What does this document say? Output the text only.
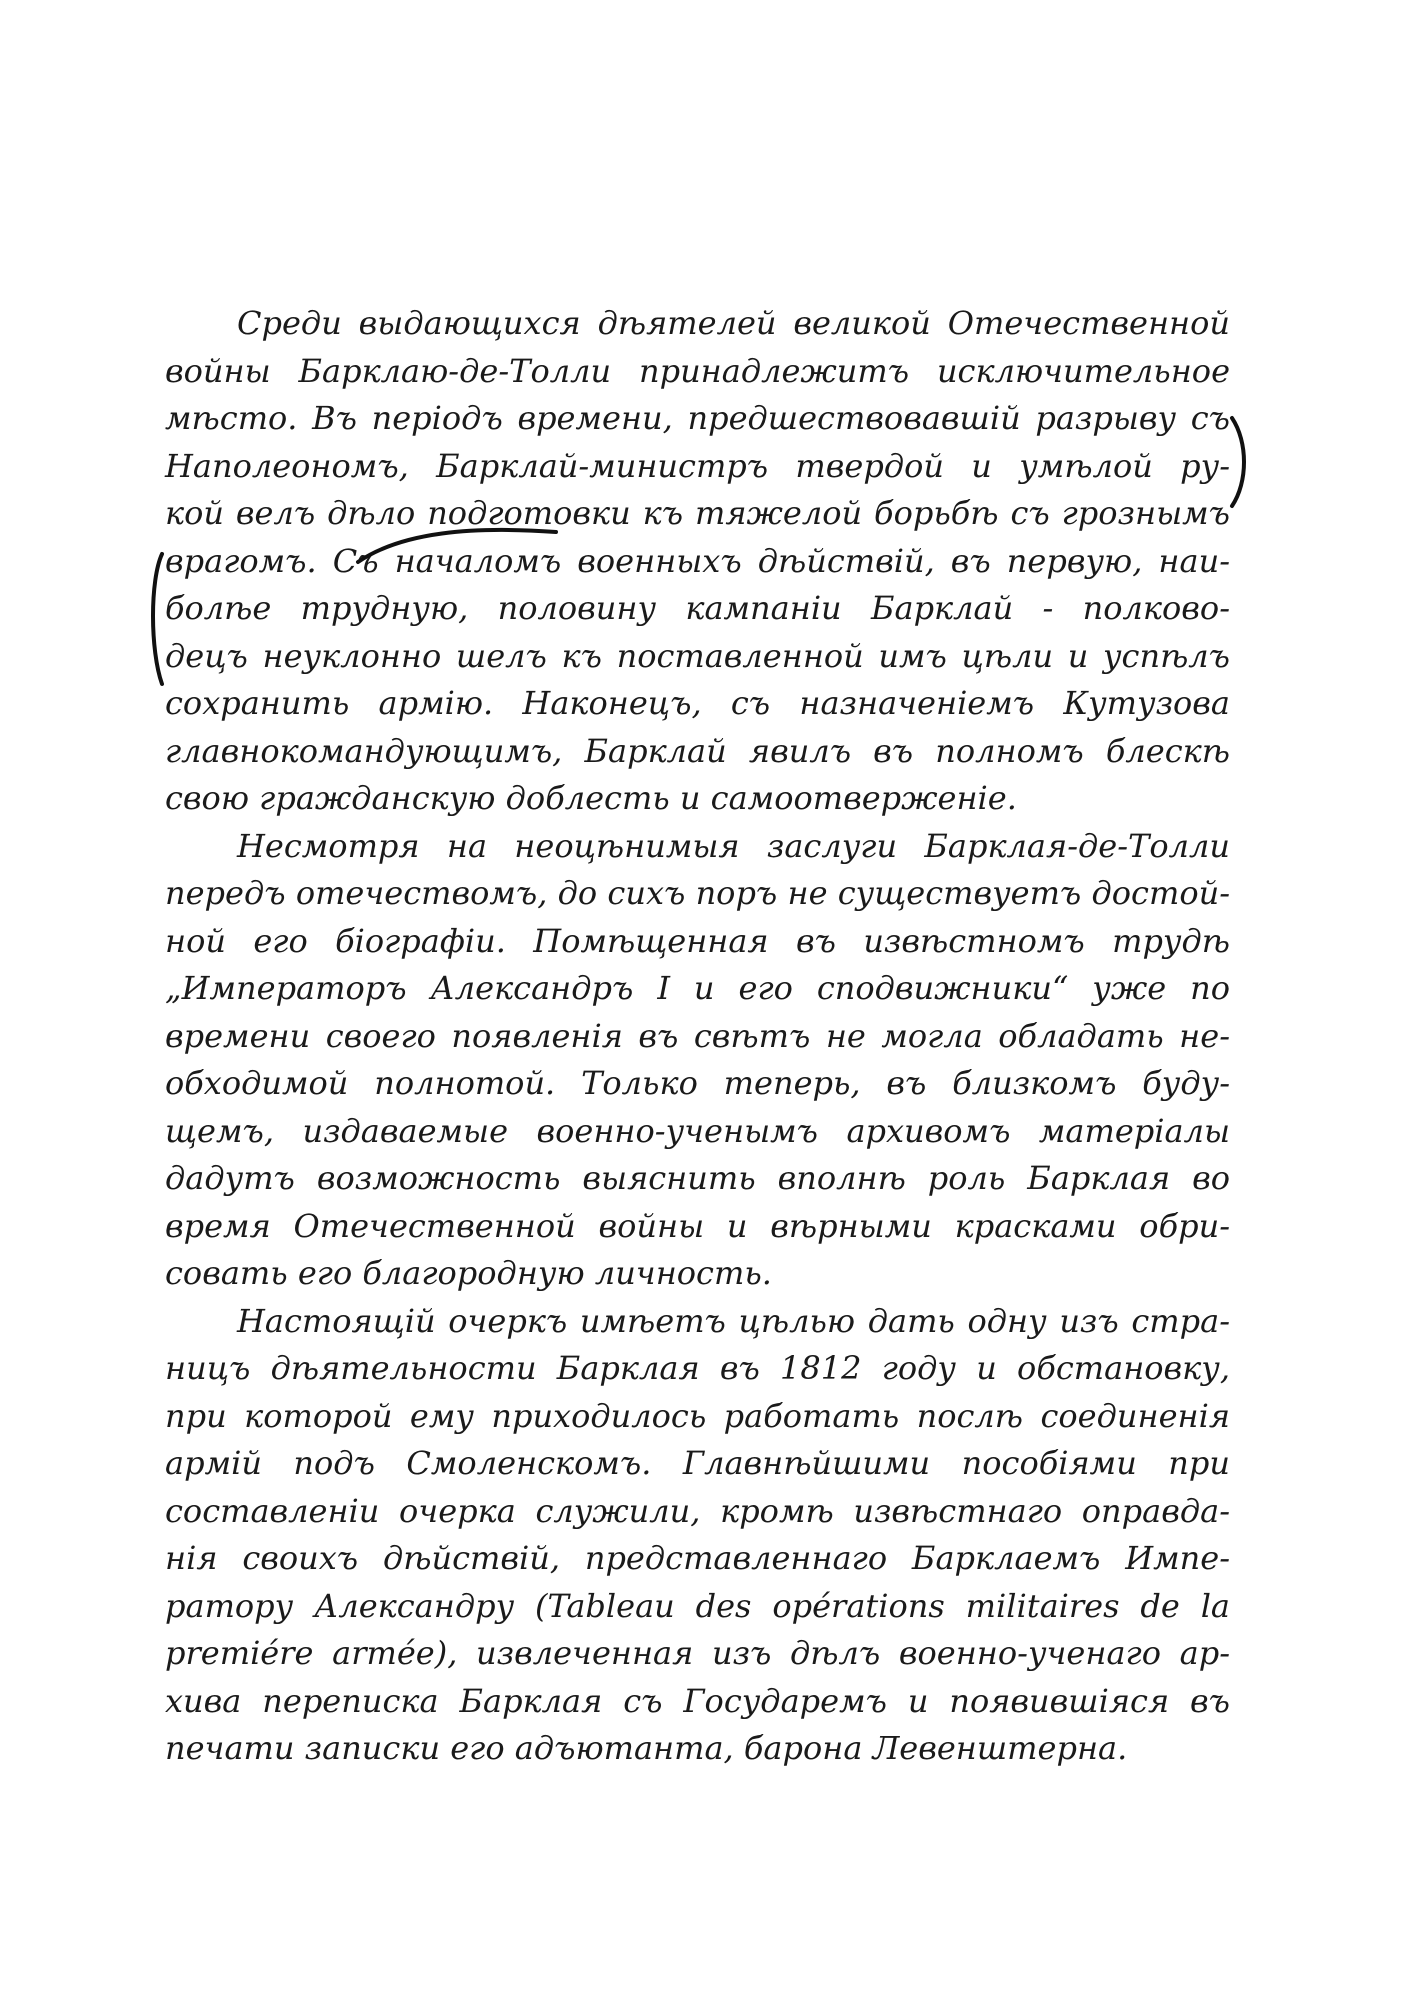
Среди выдающихся дѣятелей великой Отечественной
войны Барклаю-де-Толли принадлежитъ исключительное
мѣсто. Въ періодъ времени, предшествовавшій разрыву съ
Наполеономъ, Барклай-министръ твердой и умѣлой ру-
кой велъ дѣло подготовки къ тяжелой борьбѣ съ грознымъ
врагомъ. Съ началомъ военныхъ дѣйствій, въ первую, наи-
болѣе трудную, половину кампаніи Барклай - полково-
децъ неуклонно шелъ къ поставленной имъ цѣли и успѣлъ
сохранить армію. Наконецъ, съ назначеніемъ Кутузова
главнокомандующимъ, Барклай явилъ въ полномъ блескѣ
свою гражданскую доблесть и самоотверженіе.
Несмотря на неоцѣнимыя заслуги Барклая-де-Толли
передъ отечествомъ, до сихъ поръ не существуетъ достой-
ной его біографіи. Помѣщенная въ извѣстномъ трудѣ
„Императоръ Александръ I и его сподвижники“ уже по
времени своего появленія въ свѣтъ не могла обладать не-
обходимой полнотой. Только теперь, въ близкомъ буду-
щемъ, издаваемые военно-ученымъ архивомъ матеріалы
дадутъ возможность выяснить вполнѣ роль Барклая во
время Отечественной войны и вѣрными красками обри-
совать его благородную личность.
Настоящій очеркъ имѣетъ цѣлью дать одну изъ стра-
ницъ дѣятельности Барклая въ 1812 году и обстановку,
при которой ему приходилось работать послѣ соединенія
армій подъ Смоленскомъ. Главнѣйшими пособіями при
составленіи очерка служили, кромѣ извѣстнаго оправда-
нія своихъ дѣйствій, представленнаго Барклаемъ Импе-
ратору Александру (Tableau des opérations militaires de la
premiére armée), извлеченная изъ дѣлъ военно-ученаго ар-
хива переписка Барклая съ Государемъ и появившіяся въ
печати записки его адъютанта, барона Левенштерна.
